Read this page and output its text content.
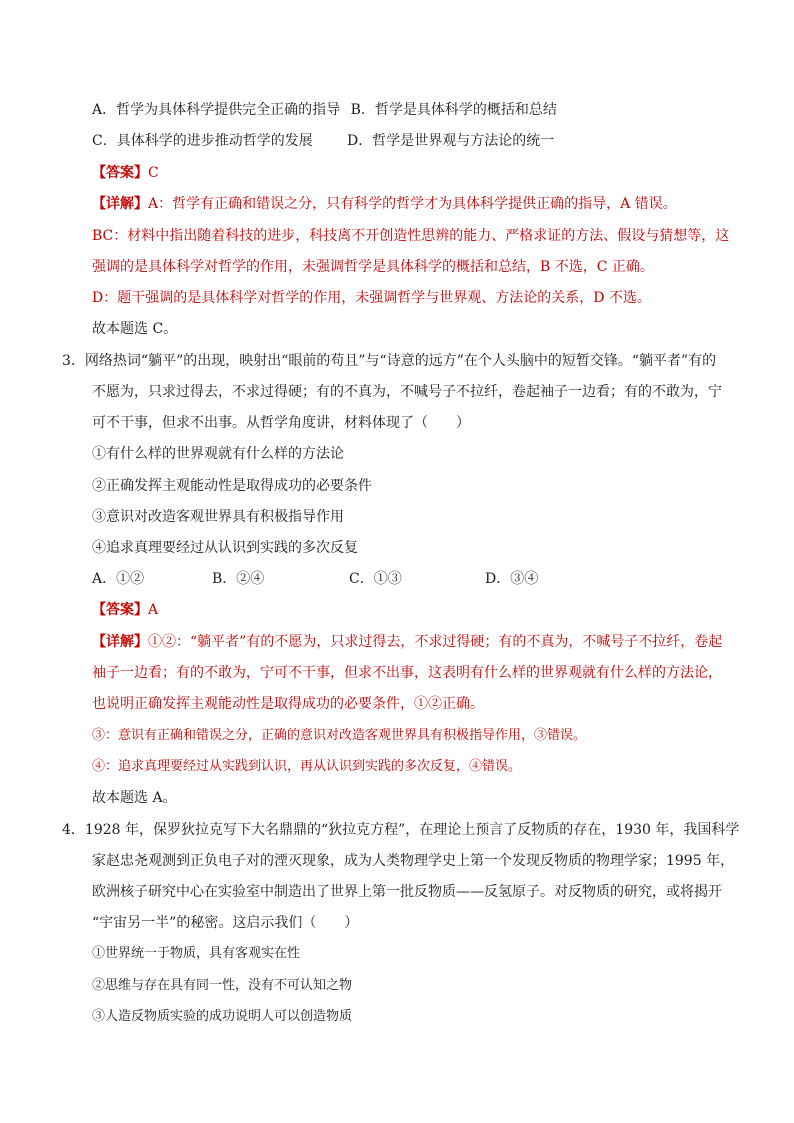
A．哲学为具体科学提供完全正确的指导 B．哲学是具体科学的概括和总结
C．具体科学的进步推动哲学的发展 D．哲学是世界观与方法论的统一
【答案】C
【详解】A：哲学有正确和错误之分，只有科学的哲学才为具体科学提供正确的指导，A 错误。
BC：材料中指出随着科技的进步，科技离不开创造性思辨的能力、严格求证的方法、假设与猜想等，这
强调的是具体科学对哲学的作用，未强调哲学是具体科学的概括和总结，B 不选，C 正确。
D：题干强调的是具体科学对哲学的作用，未强调哲学与世界观、方法论的关系，D 不选。
故本题选 C。
3．网络热词“躺平”的出现，映射出“眼前的苟且”与“诗意的远方”在个人头脑中的短暂交锋。“躺平者”有的
不愿为，只求过得去，不求过得硬；有的不真为，不喊号子不拉纤，卷起袖子一边看；有的不敢为，宁
可不干事，但求不出事。从哲学角度讲，材料体现了（　　）
①有什么样的世界观就有什么样的方法论
②正确发挥主观能动性是取得成功的必要条件
③意识对改造客观世界具有积极指导作用
④追求真理要经过从认识到实践的多次反复
A．①②	B．②④	C．①③	D．③④
【答案】A
【详解】①②：“躺平者”有的不愿为，只求过得去，不求过得硬；有的不真为，不喊号子不拉纤，卷起
袖子一边看；有的不敢为，宁可不干事，但求不出事，这表明有什么样的世界观就有什么样的方法论，
也说明正确发挥主观能动性是取得成功的必要条件，①②正确。
③：意识有正确和错误之分，正确的意识对改造客观世界具有积极指导作用，③错误。
④：追求真理要经过从实践到认识，再从认识到实践的多次反复，④错误。
故本题选 A。
4．1928 年，保罗狄拉克写下大名鼎鼎的“狄拉克方程”，在理论上预言了反物质的存在，1930 年，我国科学
家赵忠尧观测到正负电子对的湮灭现象，成为人类物理学史上第一个发现反物质的物理学家；1995 年，
欧洲核子研究中心在实验室中制造出了世界上第一批反物质——反氢原子。对反物质的研究，或将揭开
“宇宙另一半”的秘密。这启示我们（　　）
①世界统一于物质，具有客观实在性
②思维与存在具有同一性，没有不可认知之物
③人造反物质实验的成功说明人可以创造物质
